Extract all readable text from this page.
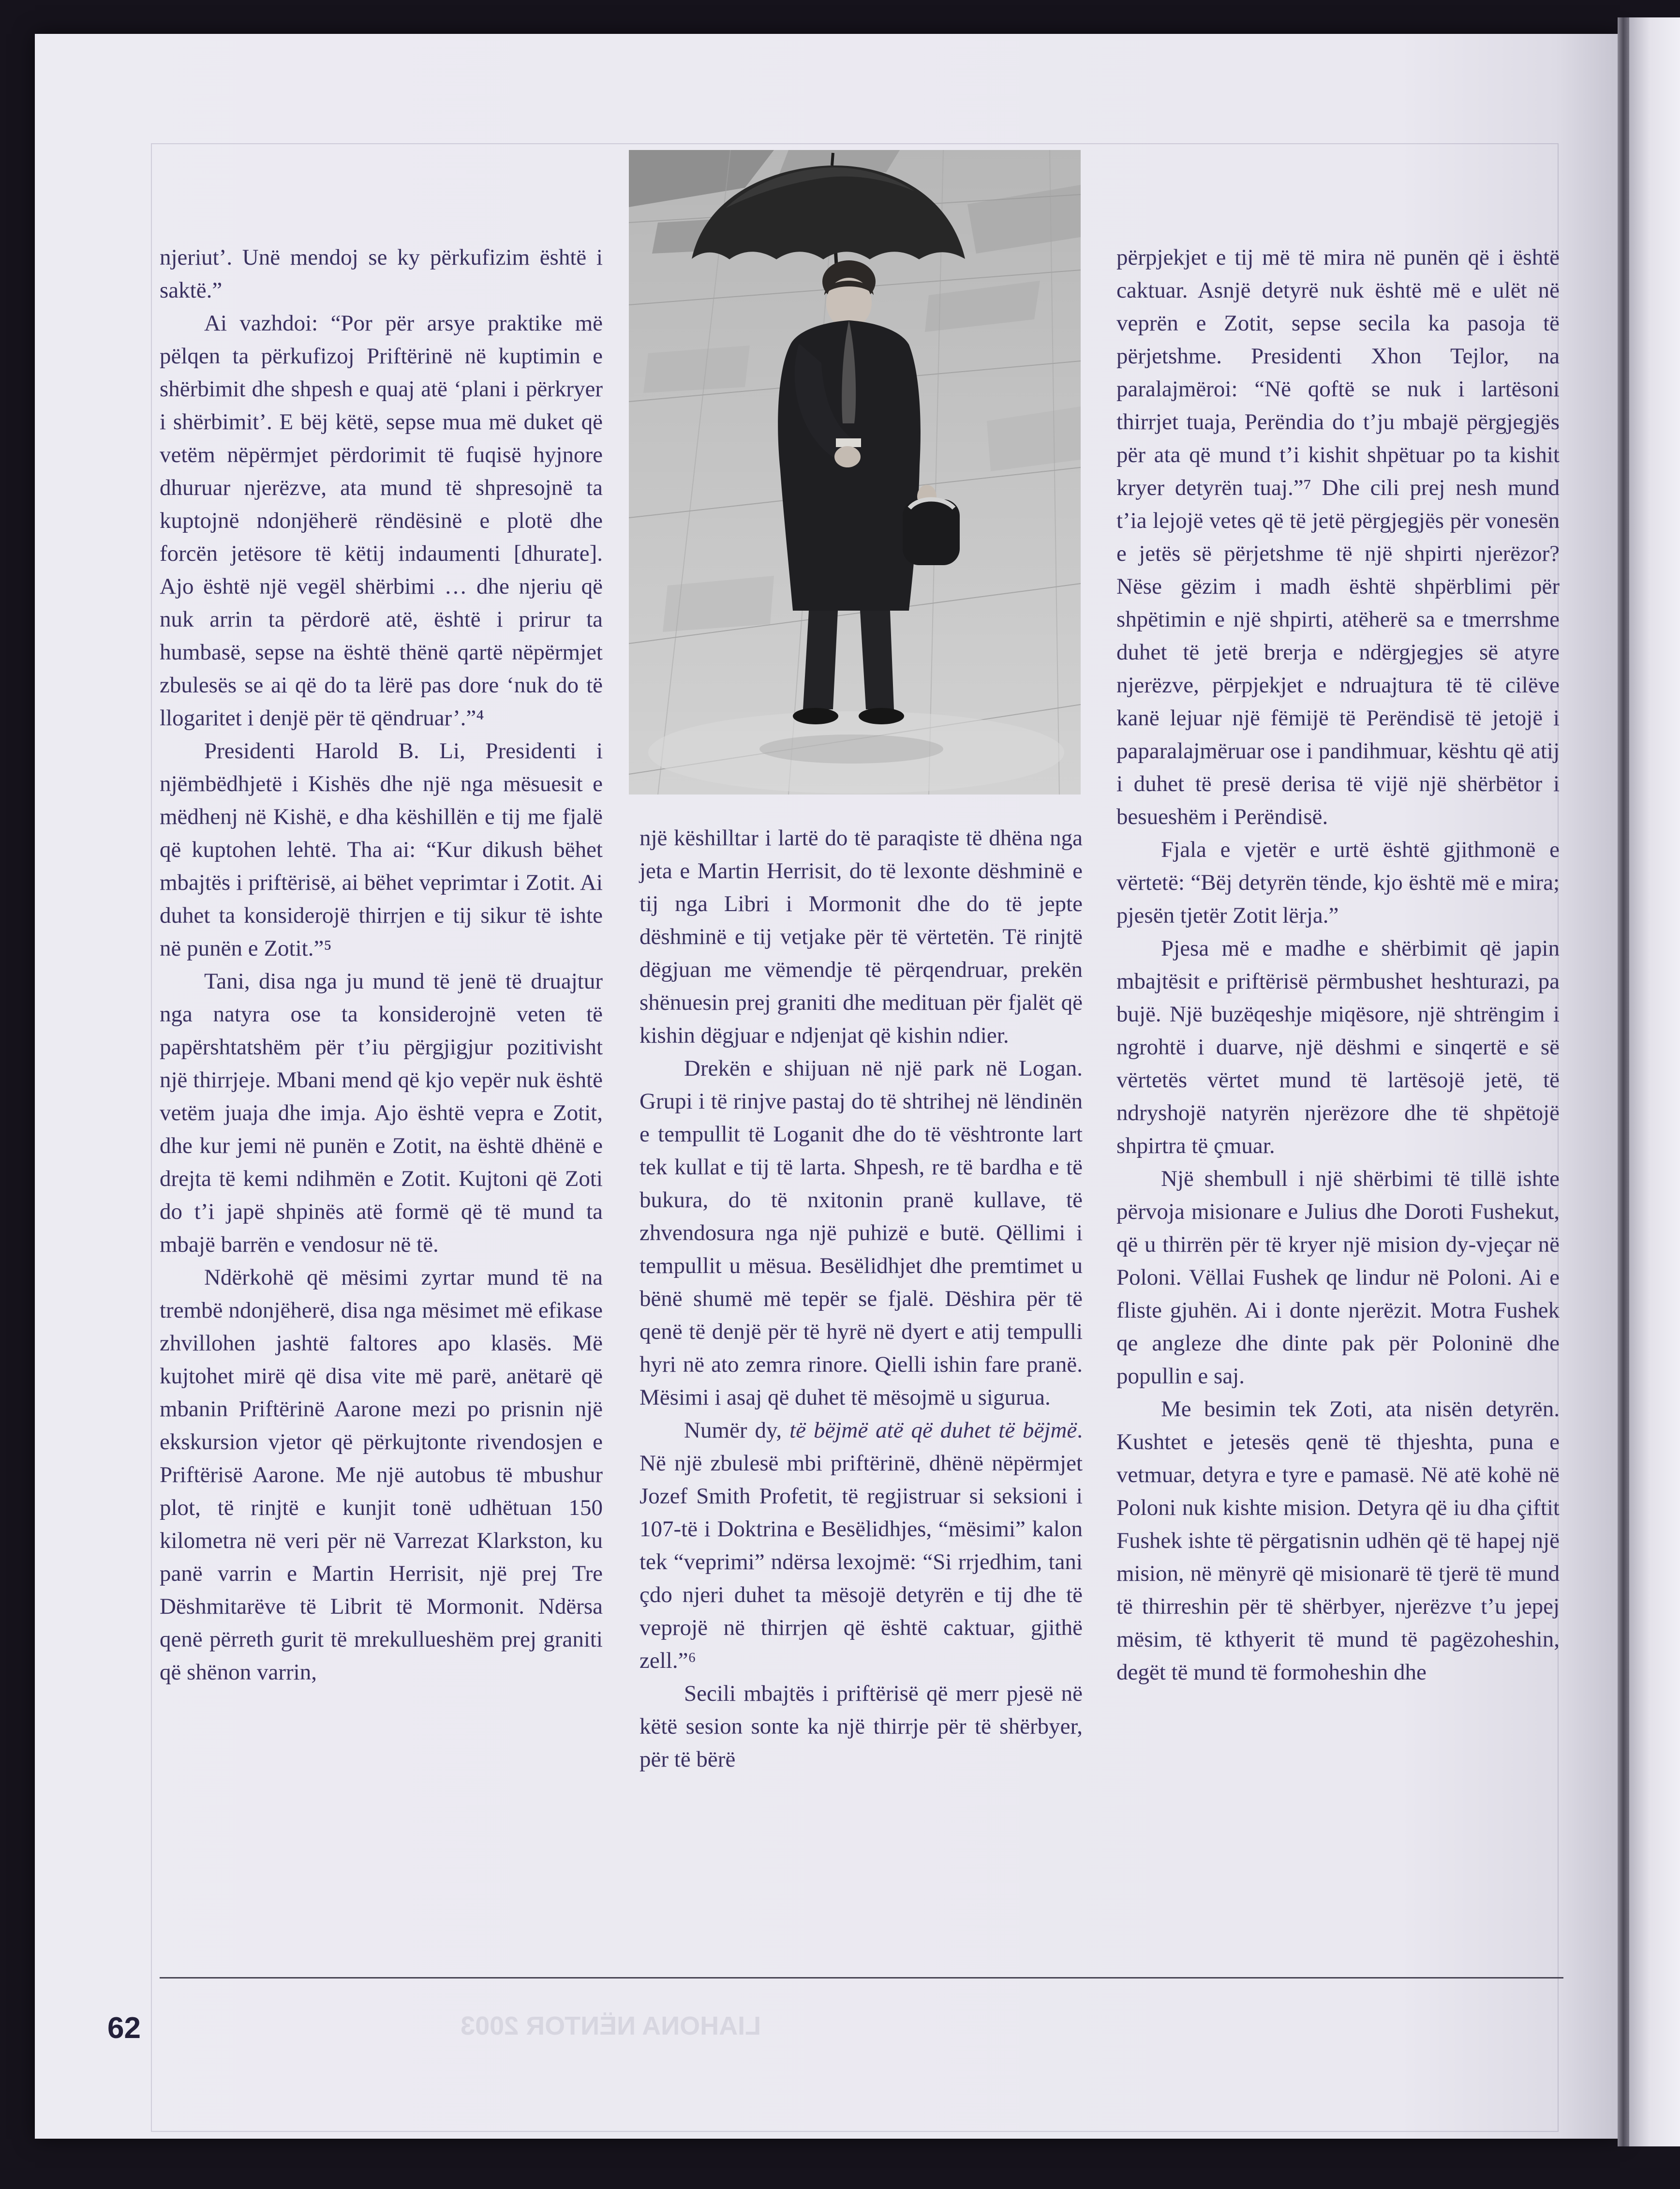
njeriut’. Unë mendoj se ky përkufizim është i saktë.”

Ai vazhdoi: “Por për arsye praktike më pëlqen ta përkufizoj Priftërinë në kuptimin e shërbimit dhe shpesh e quaj atë ‘plani i përkryer i shërbimit’. E bëj këtë, sepse mua më duket që vetëm nëpërmjet përdorimit të fuqisë hyjnore dhuruar njerëzve, ata mund të shpresojnë ta kuptojnë ndonjëherë rëndësinë e plotë dhe forcën jetësore të këtij indaumenti [dhurate]. Ajo është një vegël shërbimi … dhe njeriu që nuk arrin ta përdorë atë, është i prirur ta humbasë, sepse na është thënë qartë nëpërmjet zbulesës se ai që do ta lërë pas dore ‘nuk do të llogaritet i denjë për të qëndruar’.”⁴

Presidenti Harold B. Li, Presidenti i njëmbëdhjetë i Kishës dhe një nga mësuesit e mëdhenj në Kishë, e dha këshillën e tij me fjalë që kuptohen lehtë. Tha ai: “Kur dikush bëhet mbajtës i priftërisë, ai bëhet veprimtar i Zotit. Ai duhet ta konsiderojë thirrjen e tij sikur të ishte në punën e Zotit.”⁵

Tani, disa nga ju mund të jenë të druajtur nga natyra ose ta konsiderojnë veten të papërshtatshëm për t’iu përgjigjur pozitivisht një thirrjeje. Mbani mend që kjo vepër nuk është vetëm juaja dhe imja. Ajo është vepra e Zotit, dhe kur jemi në punën e Zotit, na është dhënë e drejta të kemi ndihmën e Zotit. Kujtoni që Zoti do t’i japë shpinës atë formë që të mund ta mbajë barrën e vendosur në të.

Ndërkohë që mësimi zyrtar mund të na trembë ndonjëherë, disa nga mësimet më efikase zhvillohen jashtë faltores apo klasës. Më kujtohet mirë që disa vite më parë, anëtarë që mbanin Priftërinë Aarone mezi po prisnin një ekskursion vjetor që përkujtonte rivendosjen e Priftërisë Aarone. Me një autobus të mbushur plot, të rinjtë e kunjit tonë udhëtuan 150 kilometra në veri për në Varrezat Klarkston, ku panë varrin e Martin Herrisit, një prej Tre Dëshmitarëve të Librit të Mormonit. Ndërsa qenë përreth gurit të mrekullueshëm prej graniti që shënon varrin,

një këshilltar i lartë do të paraqiste të dhëna nga jeta e Martin Herrisit, do të lexonte dëshminë e tij nga Libri i Mormonit dhe do të jepte dëshminë e tij vetjake për të vërtetën. Të rinjtë dëgjuan me vëmendje të përqendruar, prekën shënuesin prej graniti dhe medituan për fjalët që kishin dëgjuar e ndjenjat që kishin ndier.

Drekën e shijuan në një park në Logan. Grupi i të rinjve pastaj do të shtrihej në lëndinën e tempullit të Loganit dhe do të vështronte lart tek kullat e tij të larta. Shpesh, re të bardha e të bukura, do të nxitonin pranë kullave, të zhvendosura nga një puhizë e butë. Qëllimi i tempullit u mësua. Besëlidhjet dhe premtimet u bënë shumë më tepër se fjalë. Dëshira për të qenë të denjë për të hyrë në dyert e atij tempulli hyri në ato zemra rinore. Qielli ishin fare pranë. Mësimi i asaj që duhet të mësojmë u sigurua.

Numër dy, të bëjmë atë që duhet të bëjmë. Në një zbulesë mbi priftërinë, dhënë nëpërmjet Jozef Smith Profetit, të regjistruar si seksioni i 107-të i Doktrina e Besëlidhjes, “mësimi” kalon tek “veprimi” ndërsa lexojmë: “Si rrjedhim, tani çdo njeri duhet ta mësojë detyrën e tij dhe të veprojë në thirrjen që është caktuar, gjithë zell.”⁶

Secili mbajtës i priftërisë që merr pjesë në këtë sesion sonte ka një thirrje për të shërbyer, për të bërë

përpjekjet e tij më të mira në punën që i është caktuar. Asnjë detyrë nuk është më e ulët në veprën e Zotit, sepse secila ka pasoja të përjetshme. Presidenti Xhon Tejlor, na paralajmëroi: “Në qoftë se nuk i lartësoni thirrjet tuaja, Perëndia do t’ju mbajë përgjegjës për ata që mund t’i kishit shpëtuar po ta kishit kryer detyrën tuaj.”⁷ Dhe cili prej nesh mund t’ia lejojë vetes që të jetë përgjegjës për vonesën e jetës së përjetshme të një shpirti njerëzor? Nëse gëzim i madh është shpërblimi për shpëtimin e një shpirti, atëherë sa e tmerrshme duhet të jetë brerja e ndërgjegjes së atyre njerëzve, përpjekjet e ndruajtura të të cilëve kanë lejuar një fëmijë të Perëndisë të jetojë i paparalajmëruar ose i pandihmuar, kështu që atij i duhet të presë derisa të vijë një shërbëtor i besueshëm i Perëndisë.

Fjala e vjetër e urtë është gjithmonë e vërtetë: “Bëj detyrën tënde, kjo është më e mira; pjesën tjetër Zotit lërja.”

Pjesa më e madhe e shërbimit që japin mbajtësit e priftërisë përmbushet heshturazi, pa bujë. Një buzëqeshje miqësore, një shtrëngim i ngrohtë i duarve, një dëshmi e sinqertë e së vërtetës vërtet mund të lartësojë jetë, të ndryshojë natyrën njerëzore dhe të shpëtojë shpirtra të çmuar.

Një shembull i një shërbimi të tillë ishte përvoja misionare e Julius dhe Doroti Fushekut, që u thirrën për të kryer një mision dy-vjeçar në Poloni. Vëllai Fushek qe lindur në Poloni. Ai e fliste gjuhën. Ai i donte njerëzit. Motra Fushek qe angleze dhe dinte pak për Poloninë dhe popullin e saj.

Me besimin tek Zoti, ata nisën detyrën. Kushtet e jetesës qenë të thjeshta, puna e vetmuar, detyra e tyre e pamasë. Në atë kohë në Poloni nuk kishte mision. Detyra që iu dha çiftit Fushek ishte të përgatisnin udhën që të hapej një mision, në mënyrë që misionarë të tjerë të mund të thirreshin për të shërbyer, njerëzve t’u jepej mësim, të kthyerit të mund të pagëzoheshin, degët të mund të formoheshin dhe

62	LIAHONA NËNTOR 2003
